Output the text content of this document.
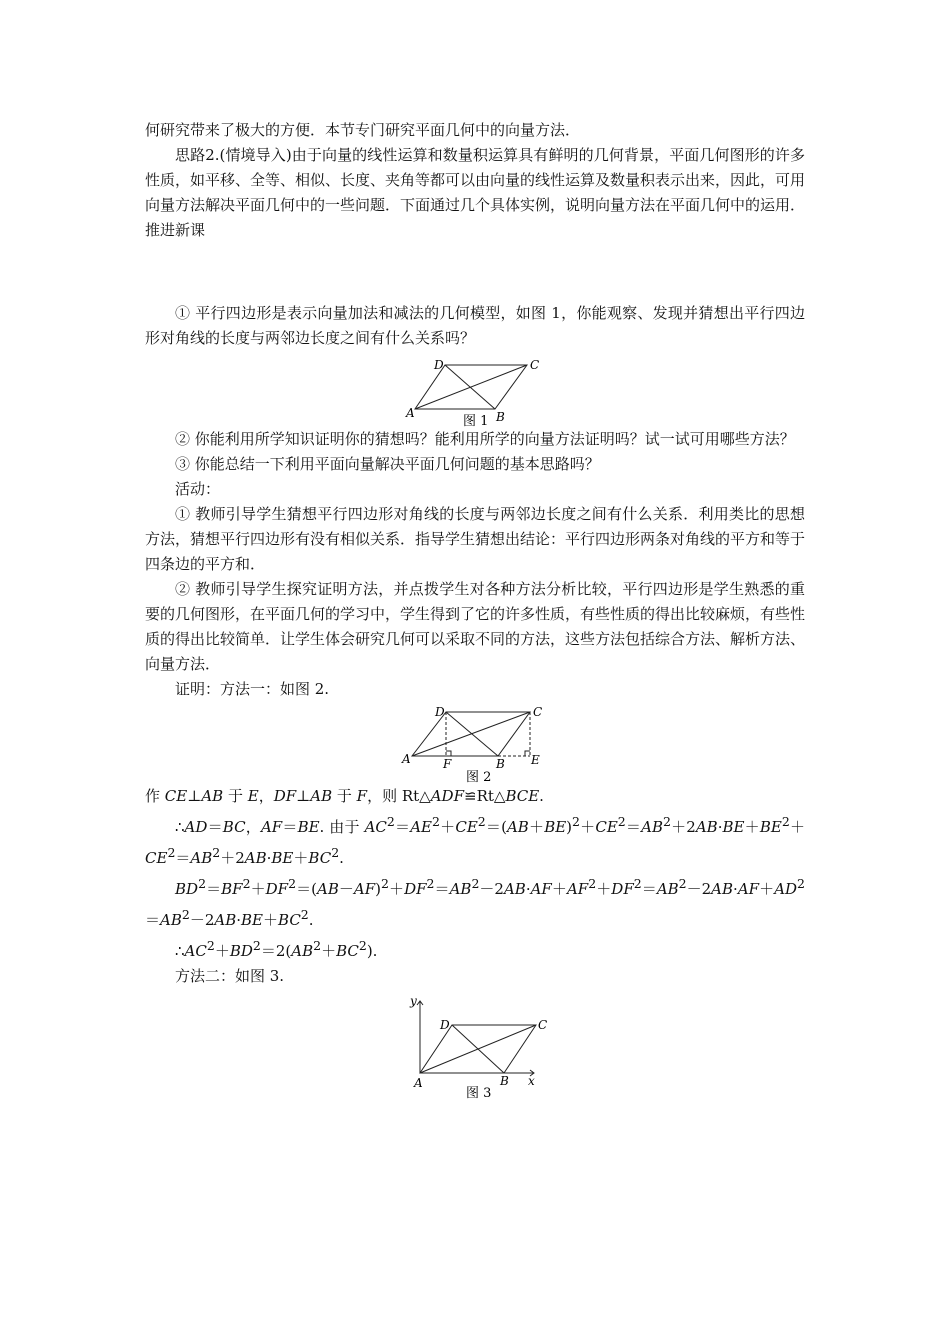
何研究带来了极大的方便．本节专门研究平面几何中的向量方法．

思路2.(情境导入)由于向量的线性运算和数量积运算具有鲜明的几何背景，平面几何图形的许多性质，如平移、全等、相似、长度、夹角等都可以由向量的线性运算及数量积表示出来，因此，可用向量方法解决平面几何中的一些问题．下面通过几个具体实例，说明向量方法在平面几何中的运用．

推进新课

① 平行四边形是表示向量加法和减法的几何模型，如图 1，你能观察、发现并猜想出平行四边形对角线的长度与两邻边长度之间有什么关系吗？

A	B
C
D
图 1

② 你能利用所学知识证明你的猜想吗？能利用所学的向量方法证明吗？试一试可用哪些方法？

③ 你能总结一下利用平面向量解决平面几何问题的基本思路吗？

活动：

① 教师引导学生猜想平行四边形对角线的长度与两邻边长度之间有什么关系．利用类比的思想方法，猜想平行四边形有没有相似关系．指导学生猜想出结论：平行四边形两条对角线的平方和等于四条边的平方和．

② 教师引导学生探究证明方法，并点拨学生对各种方法分析比较，平行四边形是学生熟悉的重要的几何图形，在平面几何的学习中，学生得到了它的许多性质，有些性质的得出比较麻烦，有些性质的得出比较简单．让学生体会研究几何可以采取不同的方法，这些方法包括综合方法、解析方法、向量方法．

证明：方法一：如图 2.

A	F	B E
C
D
图 2

作 CE⊥AB 于 E，DF⊥AB 于 F，则 Rt△ADF≌Rt△BCE.

∴AD＝BC，AF＝BE. 由于 $AC^2=AE^2+CE^2=(AB+BE)^2+CE^2=AB^2+2AB\cdot BE+BE^2+CE^2=AB^2+2AB\cdot BE+BC^2$.

$BD^2=BF^2+DF^2=(AB-AF)^2+DF^2=AB^2-2AB\cdot AF+AF^2+DF^2=AB^2-2AB\cdot AF+AD^2=AB^2-2AB\cdot BE+BC^2$.

$\therefore AC^2+BD^2=2(AB^2+BC^2)$.

方法二：如图 3.

y
D	C
A	B x
图 3
